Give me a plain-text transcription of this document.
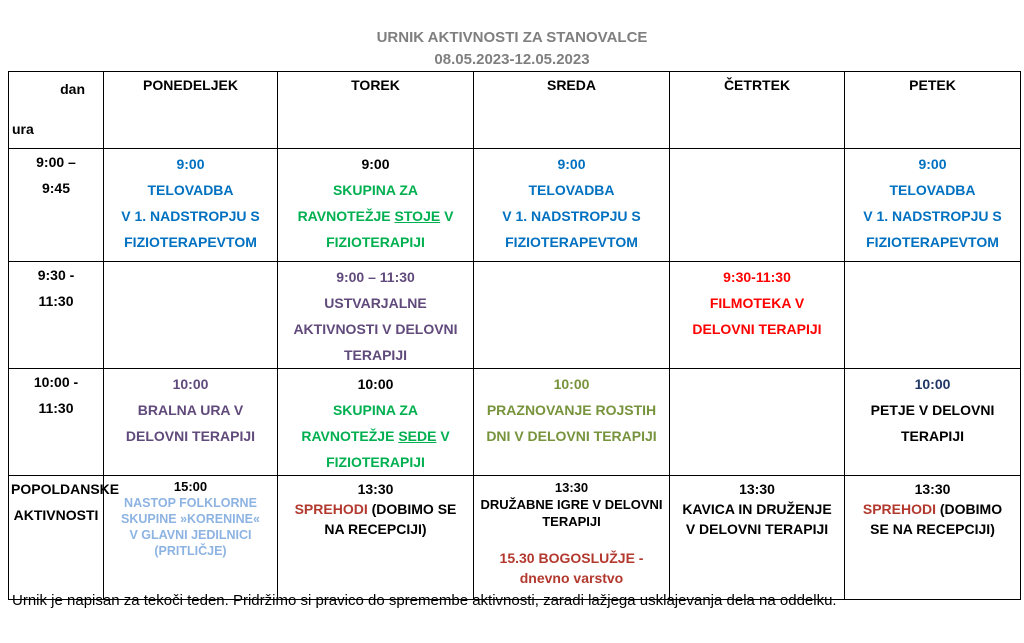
URNIK AKTIVNOSTI ZA STANOVALCE
08.05.2023-12.05.2023
dan
ura	PONEDELJEK	TOREK	SREDA	ČETRTEK	PETEK

9:00 –
9:45	9:00
TELOVADBA
V 1. NADSTROPJU S
FIZIOTERAPEVTOM	9:00
SKUPINA ZA
RAVNOTEŽJE STOJE V
FIZIOTERAPIJI	9:00
TELOVADBA
V 1. NADSTROPJU S
FIZIOTERAPEVTOM		9:00
TELOVADBA
V 1. NADSTROPJU S
FIZIOTERAPEVTOM

9:30 -
11:30		9:00 – 11:30
USTVARJALNE
AKTIVNOSTI V DELOVNI
TERAPIJI		9:30-11:30
FILMOTEKA V
DELOVNI TERAPIJI	

10:00 -
11:30	10:00
BRALNA URA V
DELOVNI TERAPIJI	10:00
SKUPINA ZA
RAVNOTEŽJE SEDE V
FIZIOTERAPIJI	10:00
PRAZNOVANJE ROJSTIH
DNI V DELOVNI TERAPIJI		10:00
PETJE V DELOVNI
TERAPIJI

POPOLDANSKE
AKTIVNOSTI	15:00
NASTOP FOLKLORNE
SKUPINE »KORENINE«
V GLAVNI JEDILNICI
(PRITLIČJE)	13:30
SPREHODI (DOBIMO SE
NA RECEPCIJI)	13:30
DRUŽABNE IGRE V DELOVNI
TERAPIJI
15.30 BOGOSLUŽJE -
dnevno varstvo	13:30
KAVICA IN DRUŽENJE
V DELOVNI TERAPIJI	13:30
SPREHODI (DOBIMO
SE NA RECEPCIJI)
Urnik je napisan za tekoči teden. Pridržimo si pravico do spremembe aktivnosti, zaradi lažjega usklajevanja dela na oddelku.
